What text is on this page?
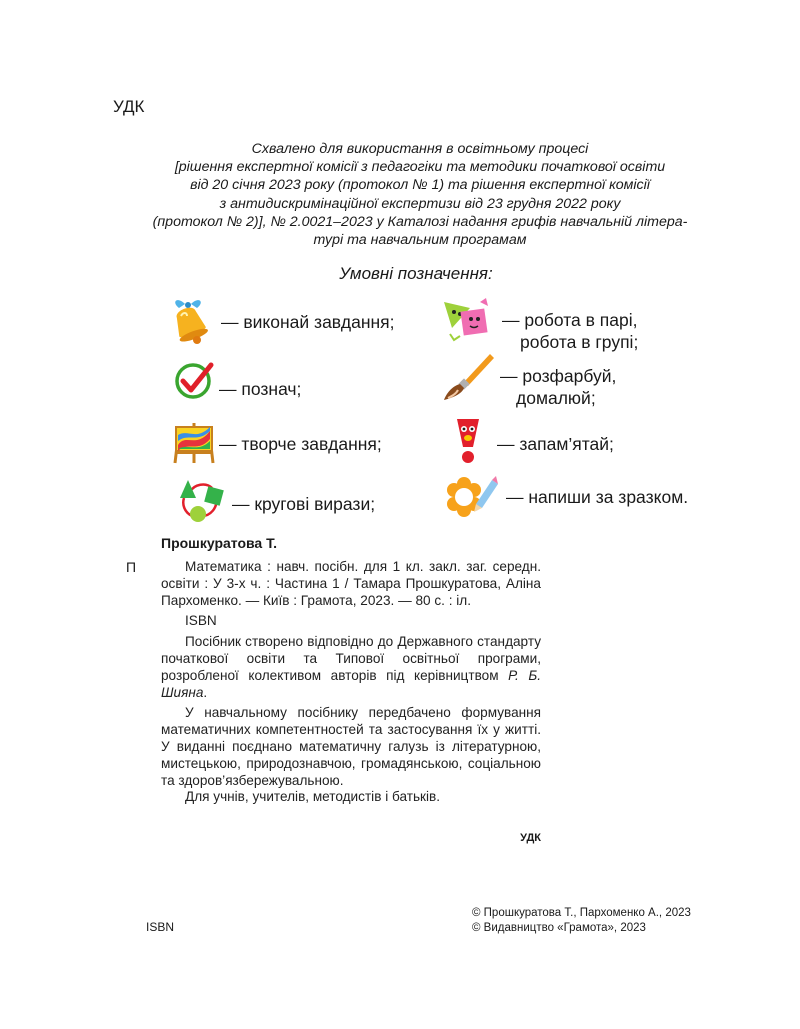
УДК
Схвалено для використання в освітньому процесі
[рішення експертної комісії з педагогіки та методики початкової освіти
від 20 січня 2023 року (протокол № 1) та рішення експертної комісії
з антидискримінаційної експертизи від 23 грудня 2022 року
(протокол № 2)], № 2.0021–2023 у Каталозі надання грифів навчальній літера-
турі та навчальним програмам
Умовні позначення:
— виконай завдання;	— робота в парі,
робота в групі;
— познач;
— розфарбуй,
домалюй;
— творче завдання;	— запам’ятай;
— кругові вирази;	— напиши за зразком.
Прошкуратова Т.
П	Математика : навч. посібн. для 1 кл. закл. заг. середн. освіти : У 3-х ч. : Частина 1 / Тамара Прошкуратова, Аліна Пархоменко. — Київ : Грамота, 2023. — 80 с. : іл.

ISBN

Посібник створено відповідно до Державного стандарту початкової освіти та Типової освітньої програми, розробленої колективом авторів під керівництвом Р. Б. Шияна.

У навчальному посібнику передбачено формування математичних компетентностей та застосування їх у житті. У виданні поєднано математичну галузь із літературною, мистецькою, природознавчою, громадянською, соціальною та здоров’язбережувальною.

Для учнів, учителів, методистів і батьків.

УДК
© Прошкуратова Т., Пархоменко А., 2023
© Видавництво «Грамота», 2023
ISBN
